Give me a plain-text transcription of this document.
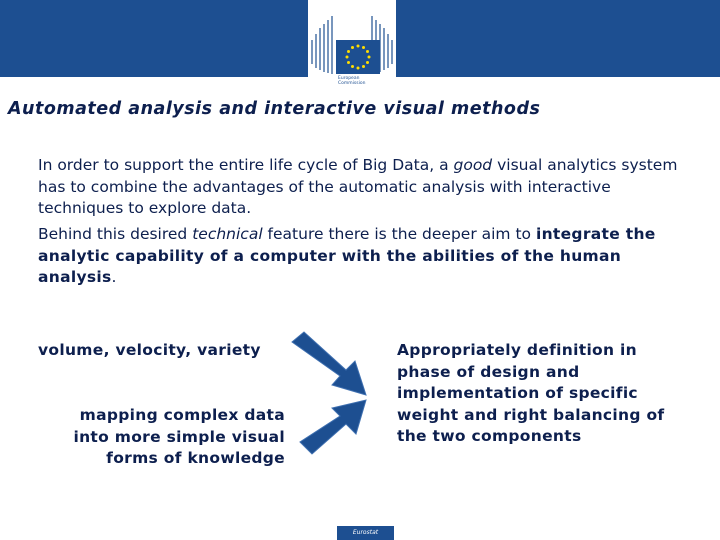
European
Commission
Automated analysis and interactive visual methods
In order to support the entire life cycle of Big Data, a good visual analytics system has to combine the advantages of the automatic analysis with interactive techniques to explore data.
Behind this desired technical feature there is the deeper aim to integrate the analytic capability of a computer with the abilities of the human analysis.
volume, velocity, variety
mapping complex data into more simple visual forms of knowledge
Appropriately definition in phase of design and implementation of specific weight and right balancing of the two components
Eurostat
